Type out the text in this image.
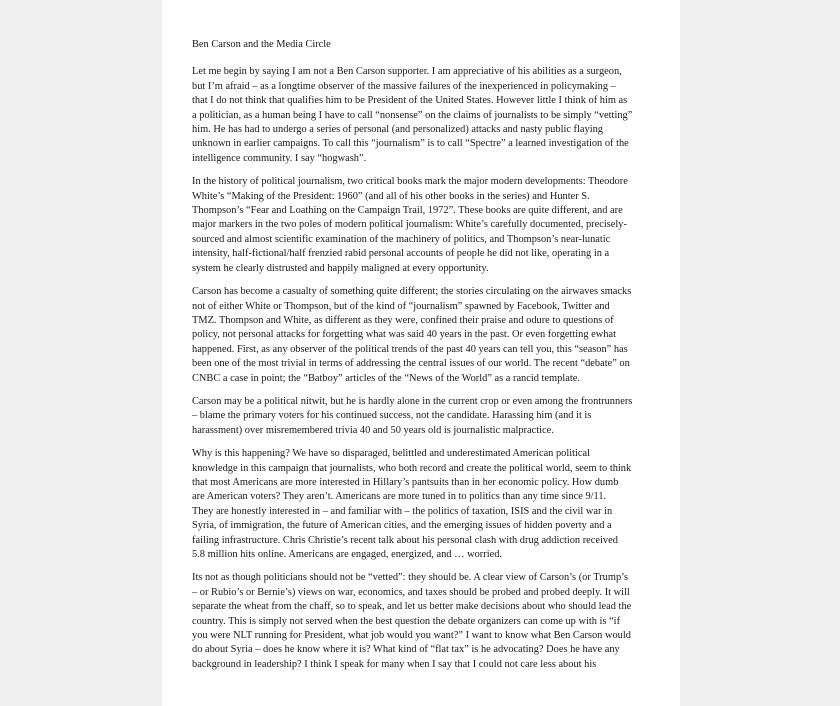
Ben Carson and the Media Circle
Let me begin by saying I am not a Ben Carson supporter. I am appreciative of his abilities as a surgeon,
but I’m afraid – as a longtime observer of the massive failures of the inexperienced in policymaking –
that I do not think that qualifies him to be President of the United States. However little I think of him as
a politician, as a human being I have to call “nonsense” on the claims of journalists to be simply “vetting”
him. He has had to undergo a series of personal (and personalized) attacks and nasty public flaying
unknown in earlier campaigns. To call this “journalism” is to call “Spectre” a learned investigation of the
intelligence community. I say “hogwash”.
In the history of political journalism, two critical books mark the major modern developments: Theodore
White’s “Making of the President: 1960” (and all of his other books in the series) and Hunter S.
Thompson’s “Fear and Loathing on the Campaign Trail, 1972”. These books are quite different, and are
major markers in the two poles of modern political journalism: White’s carefully documented, precisely-
sourced and almost scientific examination of the machinery of politics, and Thompson’s near-lunatic
intensity, half-fictional/half frenzied rabid personal accounts of people he did not like, operating in a
system he clearly distrusted and happily maligned at every opportunity.
Carson has become a casualty of something quite different; the stories circulating on the airwaves smacks
not of either White or Thompson, but of the kind of “journalism” spawned by Facebook, Twitter and
TMZ. Thompson and White, as different as they were, confined their praise and odure to questions of
policy, not personal attacks for forgetting what was said 40 years in the past. Or even forgetting ewhat
happened. First, as any observer of the political trends of the past 40 years can tell you, this “season” has
been one of the most trivial in terms of addressing the central issues of our world. The recent “debate” on
CNBC a case in point; the “Batboy” articles of the “News of the World” as a rancid template.
Carson may be a political nitwit, but he is hardly alone in the current crop or even among the frontrunners
– blame the primary voters for his continued success, not the candidate. Harassing him (and it is
harassment) over misremembered trivia 40 and 50 years old is journalistic malpractice.
Why is this happening? We have so disparaged, belittled and underestimated American political
knowledge in this campaign that journalists, who both record and create the political world, seem to think
that most Americans are more interested in Hillary’s pantsuits than in her economic policy. How dumb
are American voters? They aren’t. Americans are more tuned in to politics than any time since 9/11.
They are honestly interested in – and familiar with – the politics of taxation, ISIS and the civil war in
Syria, of immigration, the future of American cities, and the emerging issues of hidden poverty and a
failing infrastructure. Chris Christie’s recent talk about his personal clash with drug addiction received
5.8 million hits online. Americans are engaged, energized, and … worried.
Its not as though politicians should not be “vetted”: they should be. A clear view of Carson’s (or Trump’s
– or Rubio’s or Bernie’s) views on war, economics, and taxes should be probed and probed deeply. It will
separate the wheat from the chaff, so to speak, and let us better make decisions about who should lead the
country. This is simply not served when the best question the debate organizers can come up with is “if
you were NLT running for President, what job would you want?” I want to know what Ben Carson would
do about Syria – does he know where it is? What kind of “flat tax” is he advocating? Does he have any
background in leadership? I think I speak for many when I say that I could not care less about his
